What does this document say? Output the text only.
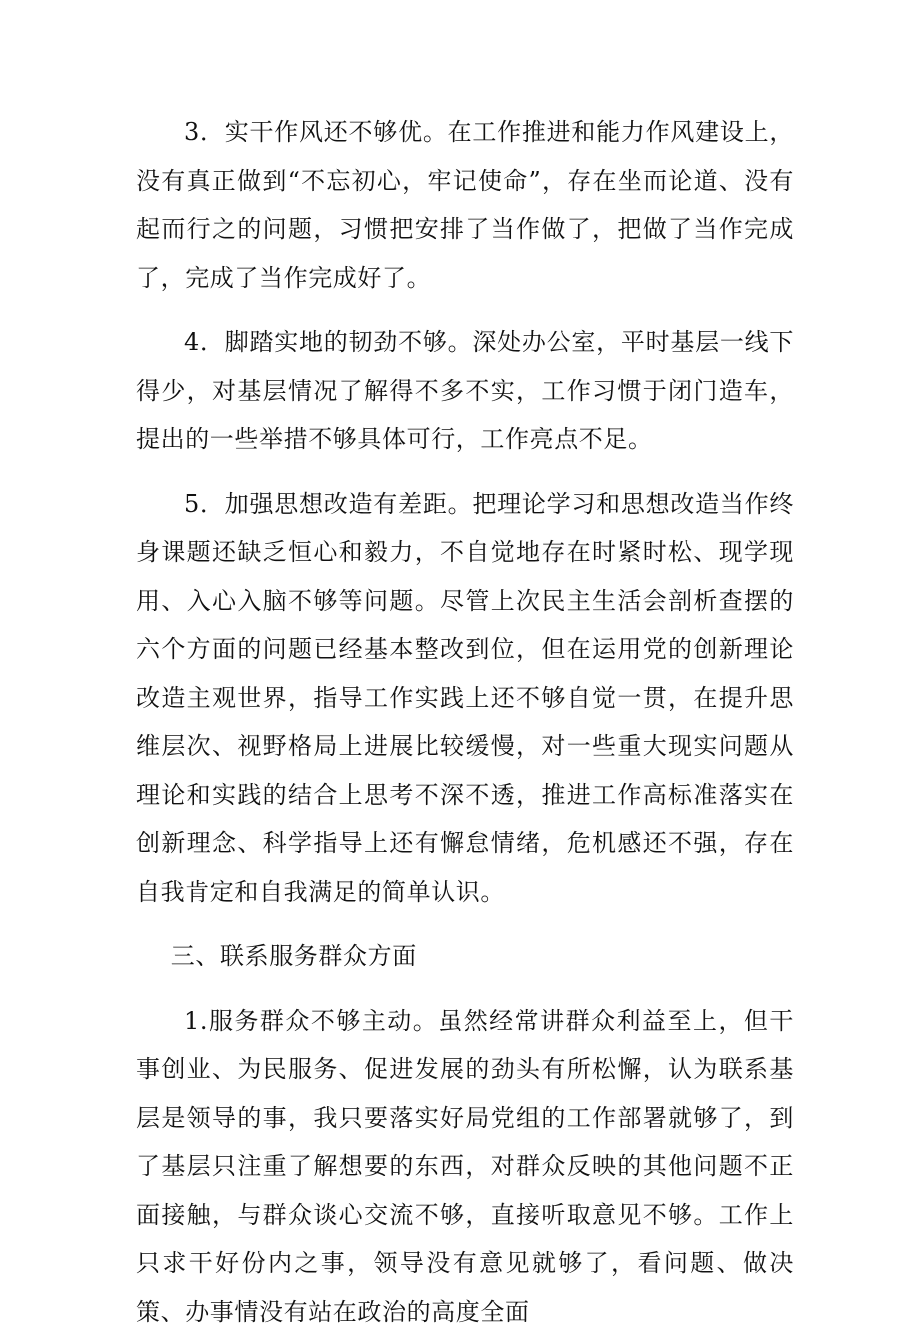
3．实干作风还不够优。在工作推进和能力作风建设上，没有真正做到“不忘初心，牢记使命”，存在坐而论道、没有起而行之的问题，习惯把安排了当作做了，把做了当作完成了，完成了当作完成好了。

4．脚踏实地的韧劲不够。深处办公室，平时基层一线下得少，对基层情况了解得不多不实，工作习惯于闭门造车，提出的一些举措不够具体可行，工作亮点不足。

5．加强思想改造有差距。把理论学习和思想改造当作终身课题还缺乏恒心和毅力，不自觉地存在时紧时松、现学现用、入心入脑不够等问题。尽管上次民主生活会剖析查摆的六个方面的问题已经基本整改到位，但在运用党的创新理论改造主观世界，指导工作实践上还不够自觉一贯，在提升思维层次、视野格局上进展比较缓慢，对一些重大现实问题从理论和实践的结合上思考不深不透，推进工作高标准落实在创新理念、科学指导上还有懈怠情绪，危机感还不强，存在自我肯定和自我满足的简单认识。

三、联系服务群众方面

1.服务群众不够主动。虽然经常讲群众利益至上，但干事创业、为民服务、促进发展的劲头有所松懈，认为联系基层是领导的事，我只要落实好局党组的工作部署就够了，到了基层只注重了解想要的东西，对群众反映的其他问题不正面接触，与群众谈心交流不够，直接听取意见不够。工作上只求干好份内之事，领导没有意见就够了，看问题、做决策、办事情没有站在政治的高度全面
